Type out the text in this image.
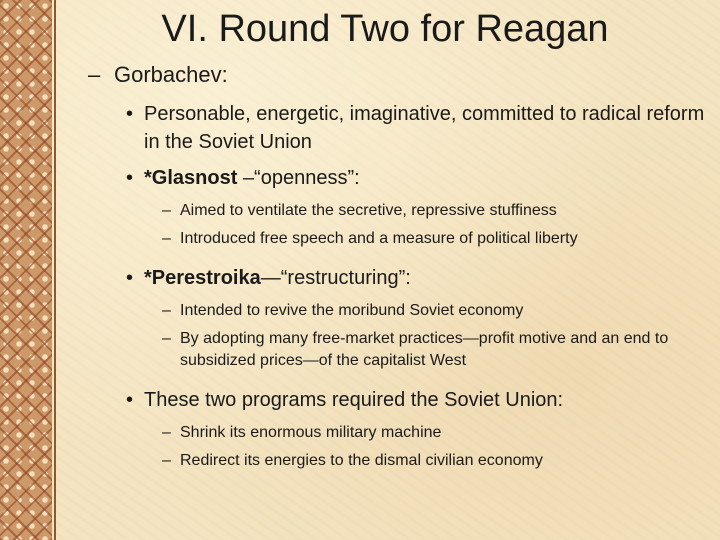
VI. Round Two for Reagan
– Gorbachev:
• Personable, energetic, imaginative, committed to radical reform in the Soviet Union
• *Glasnost –“openness”:
– Aimed to ventilate the secretive, repressive stuffiness
– Introduced free speech and a measure of political liberty
• *Perestroika—“restructuring”:
– Intended to revive the moribund Soviet economy
– By adopting many free-market practices—profit motive and an end to subsidized prices—of the capitalist West
• These two programs required the Soviet Union:
– Shrink its enormous military machine
– Redirect its energies to the dismal civilian economy
